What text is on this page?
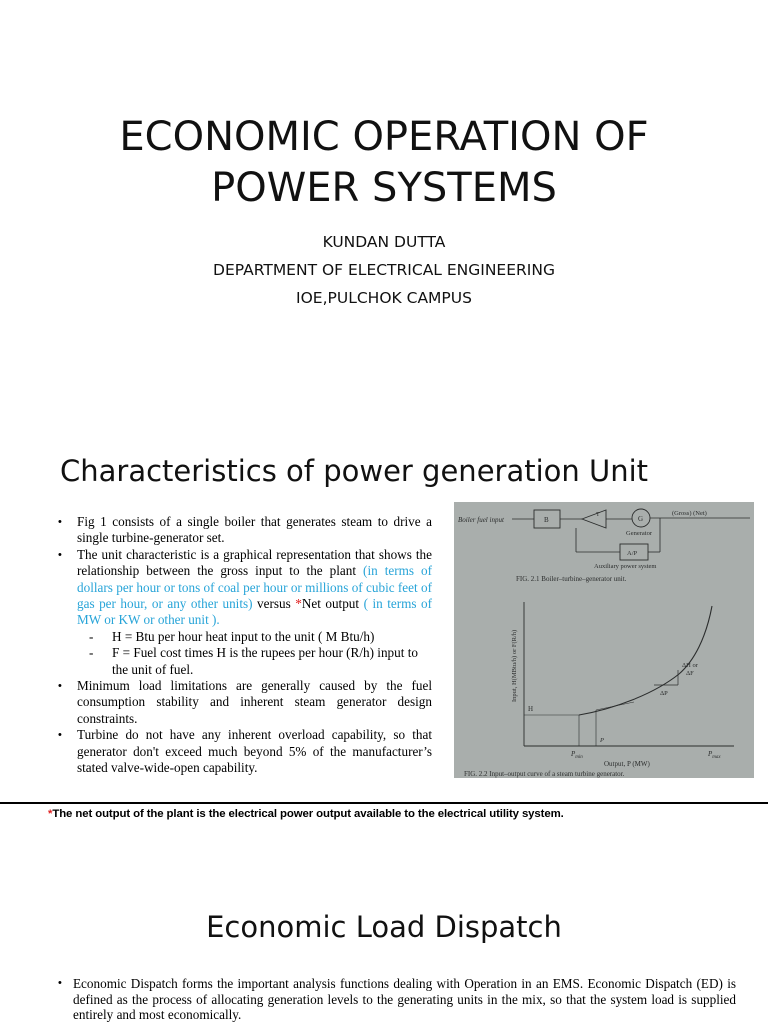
ECONOMIC OPERATION OF
POWER SYSTEMS
KUNDAN DUTTA
DEPARTMENT OF ELECTRICAL ENGINEERING
IOE,PULCHOK CAMPUS
Characteristics of power generation Unit
• Fig 1 consists of a single boiler that generates steam to drive a single turbine-generator set.
• The unit characteristic is a graphical representation that shows the relationship between the gross input to the plant (in terms of dollars per hour or tons of coal per hour or millions of cubic feet of gas per hour, or any other units) versus *Net output ( in terms of MW or KW or other unit ).
- H = Btu per hour heat input to the unit ( M Btu/h)
- F = Fuel cost times H is the rupees per hour (R/h) input to the unit of fuel.
• Minimum load limitations are generally caused by the fuel consumption stability and inherent steam generator design constraints.
• Turbine do not have any inherent overload capability, so that generator don't exceed much beyond 5% of the manufacturer’s stated valve-wide-open capability.
Boiler fuel input	B
T	G
Generator
(Gross) (Net)
A/P
Auxiliary power system
FIG. 2.1 Boiler–turbine–generator unit.
Input, H(MBtu/h) or F(R/h)
H
ΔH or
ΔF
ΔP
P
$P_{min}$	$P_{max}$
Output, P (MW)
FIG. 2.2 Input–output curve of a steam turbine generator.
*The net output of the plant is the electrical power output available to the electrical utility system.
Economic Load Dispatch
• Economic Dispatch forms the important analysis functions dealing with Operation in an EMS. Economic Dispatch (ED) is defined as the process of allocating generation levels to the generating units in the mix, so that the system load is supplied entirely and most economically.
